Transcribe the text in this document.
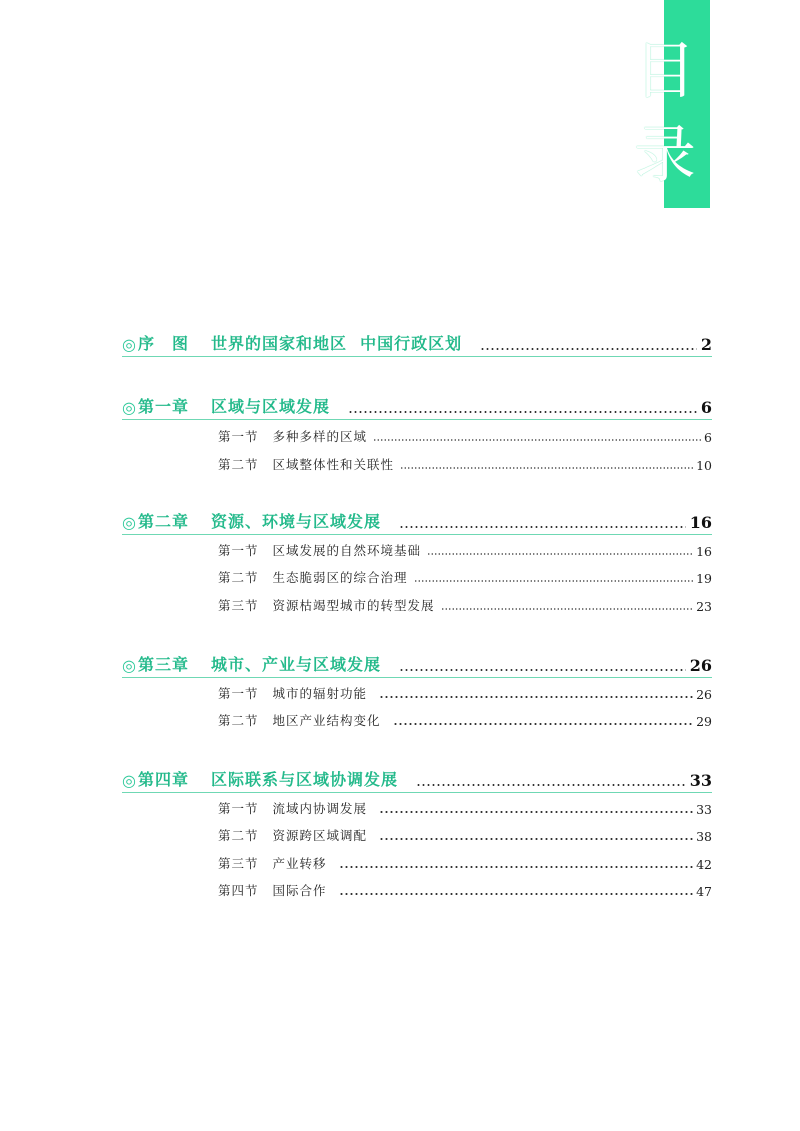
目
录
◎ 序　图 世界的国家和地区  中国行政区划	2
◎ 第一章 区域与区域发展	6
第一节 多种多样的区域	6
第二节 区域整体性和关联性	10
◎ 第二章 资源、环境与区域发展	16
第一节 区域发展的自然环境基础	16
第二节 生态脆弱区的综合治理	19
第三节 资源枯竭型城市的转型发展	23
◎ 第三章 城市、产业与区域发展	26
第一节 城市的辐射功能	26
第二节 地区产业结构变化	29
◎ 第四章 区际联系与区域协调发展	33
第一节 流域内协调发展	33
第二节 资源跨区域调配	38
第三节 产业转移	42
第四节 国际合作	47
